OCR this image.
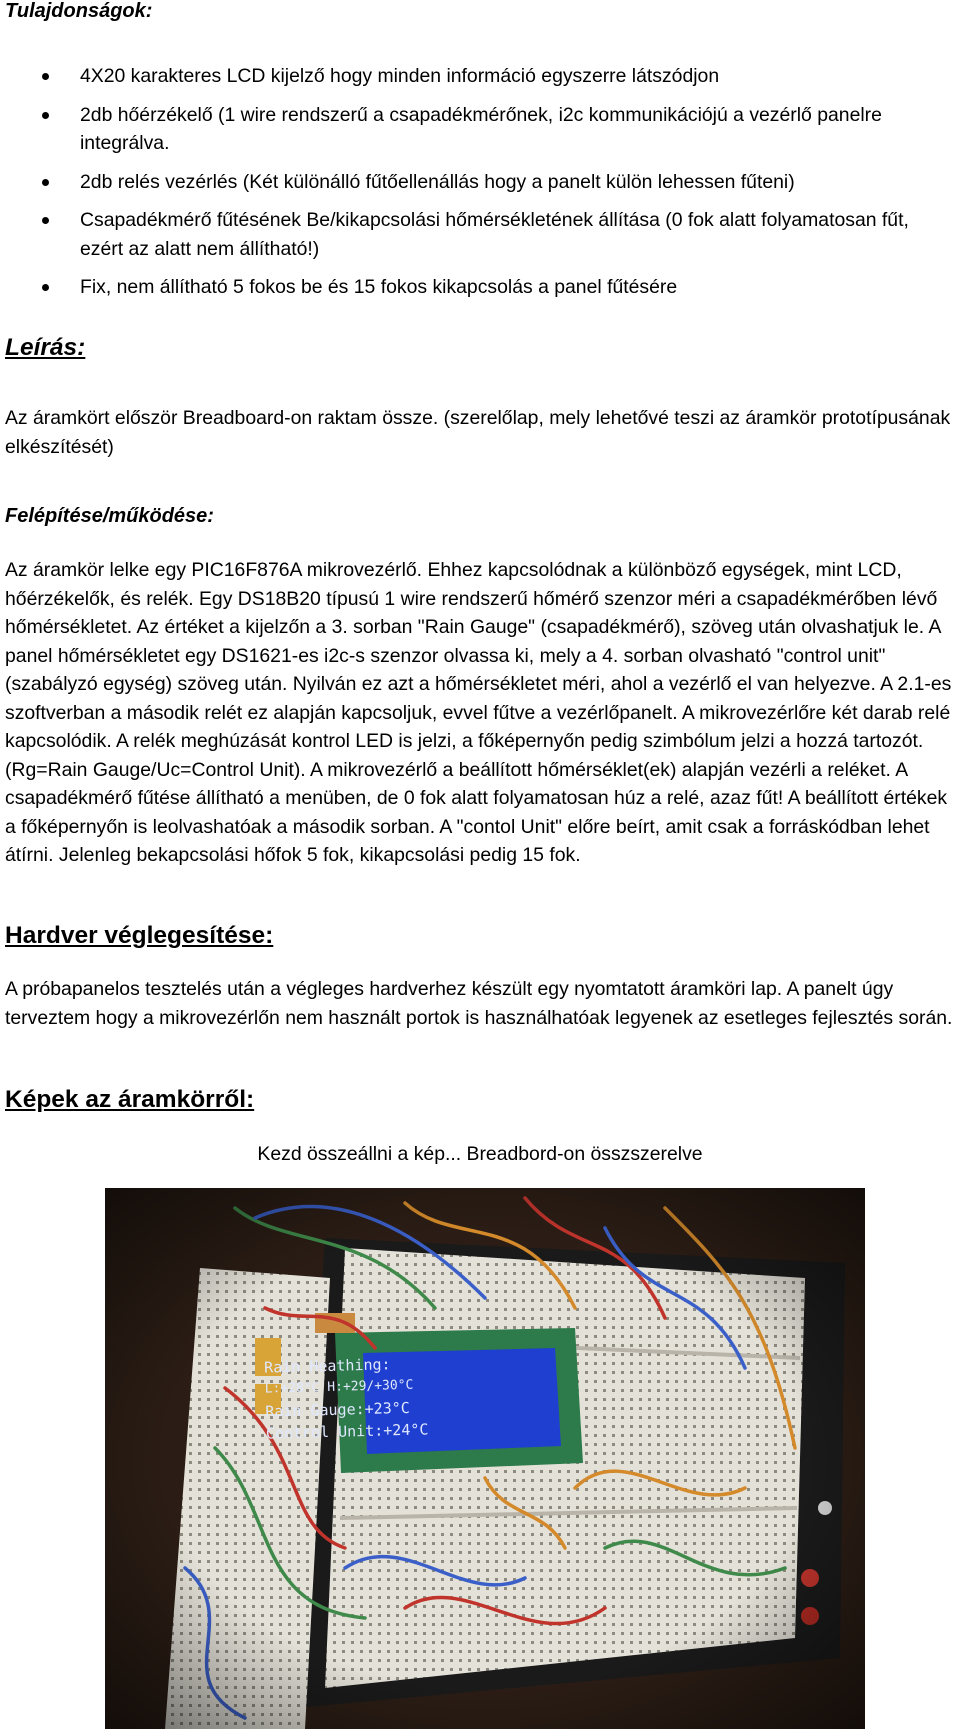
Tulajdonságok:
4X20 karakteres LCD kijelző hogy minden információ egyszerre látszódjon
2db hőérzékelő (1 wire rendszerű a csapadékmérőnek, i2c kommunikációjú a vezérlő panelre integrálva.
2db relés vezérlés (Két különálló fűtőellenállás hogy a panelt külön lehessen fűteni)
Csapadékmérő fűtésének Be/kikapcsolási hőmérsékletének állítása (0 fok alatt folyamatosan fűt, ezért az alatt nem állítható!)
Fix, nem állítható 5 fokos be és 15 fokos kikapcsolás a panel fűtésére
Leírás:
Az áramkört először Breadboard-on raktam össze. (szerelőlap, mely lehetővé teszi az áramkör prototípusának elkészítését)
Felépítése/működése:
Az áramkör lelke egy PIC16F876A mikrovezérlő. Ehhez kapcsolódnak a különböző egységek, mint LCD, hőérzékelők, és relék. Egy DS18B20 típusú 1 wire rendszerű hőmérő szenzor méri a csapadékmérőben lévő hőmérsékletet. Az értéket a kijelzőn a 3. sorban "Rain Gauge" (csapadékmérő), szöveg után olvashatjuk le. A panel hőmérsékletet egy DS1621-es i2c-s szenzor olvassa ki, mely a 4. sorban olvasható "control unit" (szabályzó egység) szöveg után. Nyilván ez azt a hőmérsékletet méri, ahol a vezérlő el van helyezve. A 2.1-es szoftverban a második relét ez alapján kapcsoljuk, evvel fűtve a vezérlőpanelt. A mikrovezérlőre két darab relé kapcsolódik. A relék meghúzását kontrol LED is jelzi, a főképernyőn pedig szimbólum jelzi a hozzá tartozót. (Rg=Rain Gauge/Uc=Control Unit). A mikrovezérlő a beállított hőmérséklet(ek) alapján vezérli a reléket. A csapadékmérő fűtése állítható a menüben, de 0 fok alatt folyamatosan húz a relé, azaz fűt! A beállított értékek a főképernyőn is leolvashatóak a második sorban. A "contol Unit" előre beírt, amit csak a forráskódban lehet átírni. Jelenleg bekapcsolási hőfok 5 fok, kikapcsolási pedig 15 fok.
Hardver véglegesítése:
A próbapanelos tesztelés után a végleges hardverhez készült egy nyomtatott áramköri lap. A panelt úgy terveztem hogy a mikrovezérlőn nem használt portok is használhatóak legyenek az esetleges fejlesztés során.
Képek az áramkörről:
Kezd összeállni a kép... Breadbord-on összszerelve
Rain Heathing:
L:+28°C H:+29/+30°C
Rain Gauge:+23°C
Control Unit:+24°C
